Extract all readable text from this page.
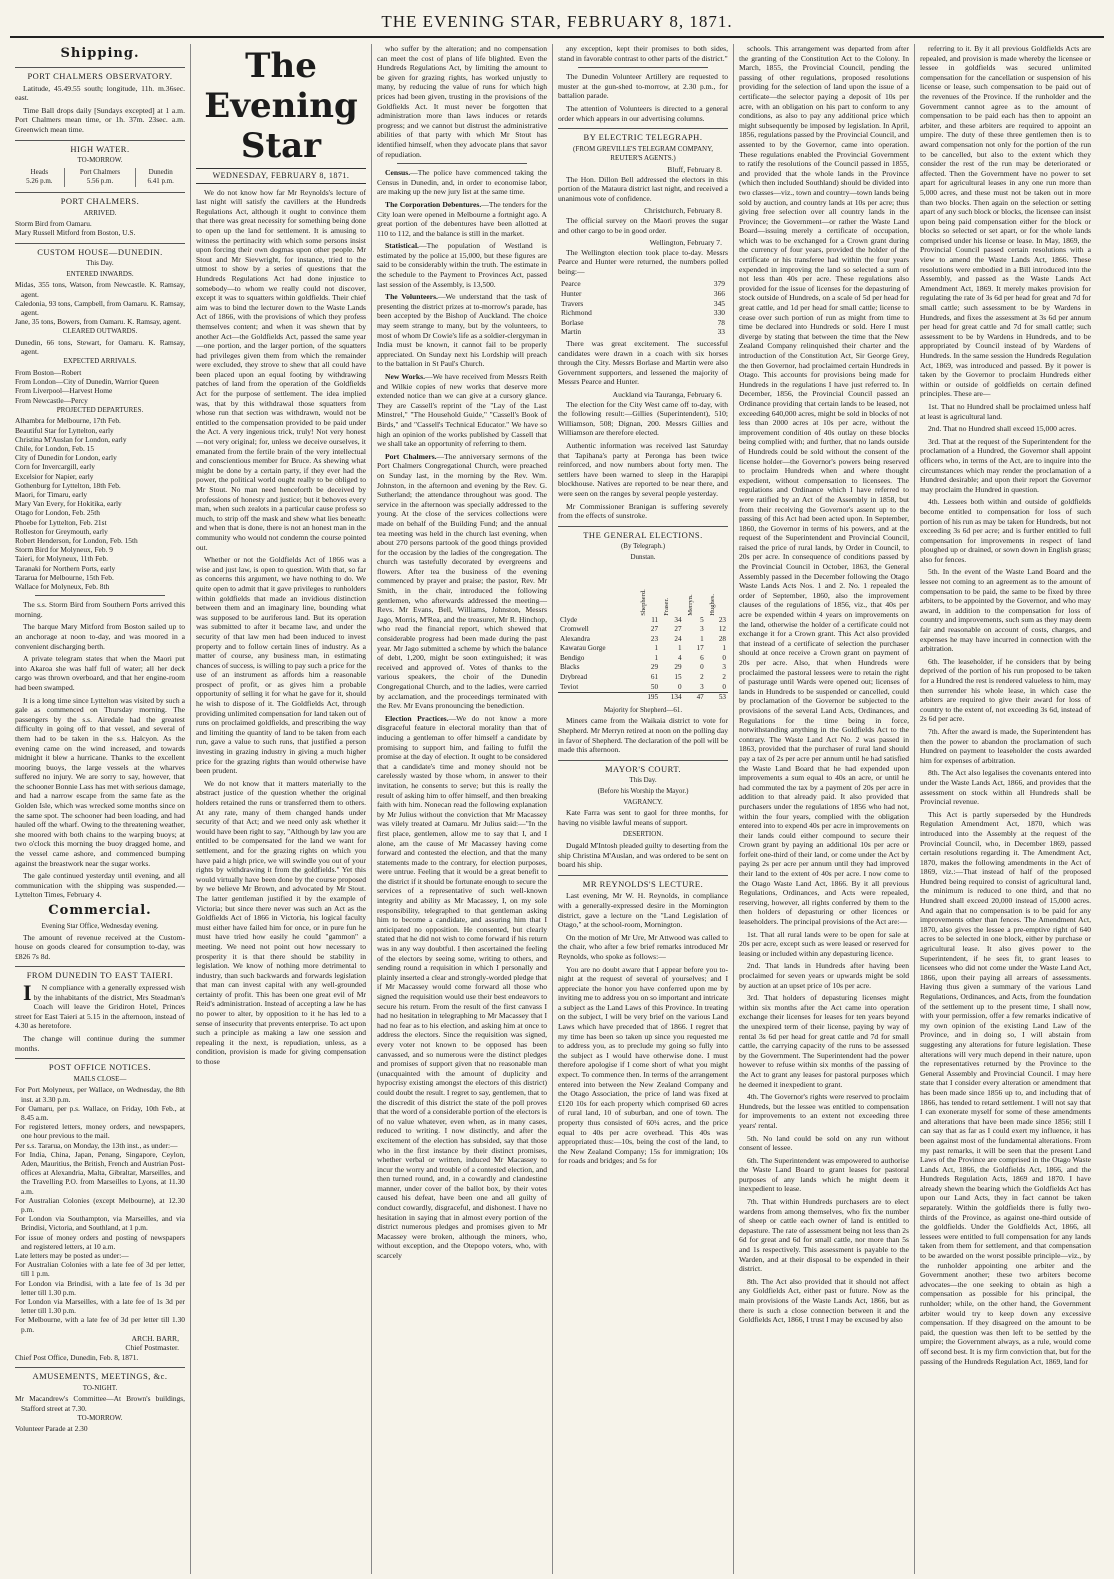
THE EVENING STAR, FEBRUARY 8, 1871.
Shipping.
PORT CHALMERS OBSERVATORY.

Latitude, 45.49.55 south; longitude, 11h. m.36sec. east.

Time Ball drops daily [Sundays excepted] at 1 a.m. Port Chalmers mean time, or 1h. 37m. 23sec. a.m. Greenwich mean time.

HIGH WATER.
TO-MORROW.
Heads	Port Chalmers	Dunedin
5.26 p.m.	5.56 p.m.	6.41 p.m.
PORT CHALMERS.
ARRIVED.
Storm Bird from Oamaru.
Mary Russell Mitford from Boston, U.S.
CUSTOM HOUSE—DUNEDIN.
This Day.
ENTERED INWARDS.
Midas, 355 tons, Watson, from Newcastle. K. Ramsay, agent.
Caledonia, 93 tons, Campbell, from Oamaru. K. Ramsay, agent.
Jane, 35 tons, Bowers, from Oamaru. K. Ramsay, agent.
CLEARED OUTWARDS.
Dunedin, 66 tons, Stewart, for Oamaru. K. Ramsay, agent.
EXPECTED ARRIVALS.
From Boston—Robert
From London—City of Dunedin, Warrior Queen
From Liverpool—Harvest Home
From Newcastle—Percy
PROJECTED DEPARTURES.
Alhambra for Melbourne, 17th Feb.
Beautiful Star for Lyttelton, early
Christina M'Auslan for London, early
Chile, for London, Feb. 15
City of Dunedin for London, early
Corn for Invercargill, early
Excelsior for Napier, early
Gothenburg for Lyttelton, 18th Feb.
Maori, for Timaru, early
Mary Van Every, for Hokitika, early
Otago for London, Feb. 25th
Phoebe for Lyttelton, Feb. 21st
Rolleston for Greymouth, early
Robert Henderson, for London, Feb. 15th
Storm Bird for Molyneux, Feb. 9
Taieri, for Molyneux, 11th Feb.
Taranaki for Northern Ports, early
Tararua for Melbourne, 15th Feb.
Wallace for Molyneux, Feb. 8th

The s.s. Storm Bird from Southern Ports arrived this morning.

The barque Mary Mitford from Boston sailed up to an anchorage at noon to-day, and was moored in a convenient discharging berth.

A private telegram states that when the Maori put into Akaroa she was half full of water; all her deck cargo was thrown overboard, and that her engine-room had been swamped.

It is a long time since Lyttelton was visited by such a gale as commenced on Thursday morning. The passengers by the s.s. Airedale had the greatest difficulty in going off to that vessel, and several of them had to be taken in the s.s. Halcyon. As the evening came on the wind increased, and towards midnight it blew a hurricane. Thanks to the excellent mooring buoys, the large vessels at the wharves suffered no injury. We are sorry to say, however, that the schooner Bonnie Lass has met with serious damage, and had a narrow escape from the same fate as the Golden Isle, which was wrecked some months since on the same spot. The schooner had been loading, and had hauled off the wharf. Owing to the threatening weather, she moored with both chains to the warping buoys; at two o'clock this morning the buoy dragged home, and the vessel came ashore, and commenced bumping against the breastwork near the sugar works.

The gale continued yesterday until evening, and all communication with the shipping was suspended.—Lyttelton Times, February 4.

Commercial.
Evening Star Office, Wednesday evening.

The amount of revenue received at the Custom-house on goods cleared for consumption to-day, was £826 7s 8d.

FROM DUNEDIN TO EAST TAIERI.

I N compliance with a generally expressed wish by the inhabitants of the district, Mrs Steadman's Coach will leave the Gridiron Hotel, Princes street for East Taieri at 5.15 in the afternoon, instead of 4.30 as heretofore.

The change will continue during the summer months.

POST OFFICE NOTICES.
MAILS CLOSE—
For Port Molyneux, per Wallace, on Wednesday, the 8th inst. at 3.30 p.m.
For Oamaru, per p.s. Wallace, on Friday, 10th Feb., at 8.45 a.m.
For registered letters, money orders, and newspapers, one hour previous to the mail.
Per s.s. Tararua, on Monday, the 13th inst., as under:—
For India, China, Japan, Penang, Singapore, Ceylon, Aden, Mauritius, the British, French and Austrian Post-offices at Alexandria, Malta, Gibraltar, Marseilles, and the Travelling P.O. from Marseilles to Lyons, at 11.30 a.m.
For Australian Colonies (except Melbourne), at 12.30 p.m.
For London via Southampton, via Marseilles, and via Brindisi, Victoria, and Southland, at 1 p.m.
For issue of money orders and posting of newspapers and registered letters, at 10 a.m.
Late letters may be posted as under:—
For Australian Colonies with a late fee of 3d per letter, till 1 p.m.
For London via Brindisi, with a late fee of 1s 3d per letter till 1.30 p.m.
For London via Marseilles, with a late fee of 1s 3d per letter till 1.30 p.m.
For Melbourne, with a late fee of 3d per letter till 1.30 p.m.
ARCH. BARR,
Chief Postmaster.
Chief Post Office, Dunedin, Feb. 8, 1871.
AMUSEMENTS, MEETINGS, &c.
TO-NIGHT.
Mr Macandrew's Committee—At Brown's buildings, Stafford street at 7.30.
TO-MORROW.
Volunteer Parade at 2.30
The Evening Star
WEDNESDAY, FEBRUARY 8, 1871.

We do not know how far Mr Reynolds's lecture of last night will satisfy the cavillers at the Hundreds Regulations Act, although it ought to convince them that there was great necessity for something being done to open up the land for settlement. It is amusing to witness the pertinacity with which some persons insist upon forcing their own dogmas upon other people. Mr Stout and Mr Sievwright, for instance, tried to the utmost to show by a series of questions that the Hundreds Regulations Act had done injustice to somebody—to whom we really could not discover, except it was to squatters within goldfields. Their chief aim was to bind the lecturer down to the Waste Lands Act of 1866, with the provisions of which they profess themselves content; and when it was shewn that by another Act—the Goldfields Act, passed the same year—one portion, and the larger portion, of the squatters had privileges given them from which the remainder were excluded, they strove to shew that all could have been placed upon an equal footing by withdrawing patches of land from the operation of the Goldfields Act for the purpose of settlement. The idea implied was, that by this withdrawal those squatters from whose run that section was withdrawn, would not be entitled to the compensation provided to be paid under the Act. A very ingenious trick, truly! Not very honest—not very original; for, unless we deceive ourselves, it emanated from the fertile brain of the very intellectual and conscientious member for Bruce. As shewing what might be done by a certain party, if they ever had the power, the political world ought really to be obliged to Mr Stout. No man need henceforth be deceived by professions of honesty and justice; but it behoves every man, when such zealots in a particular cause profess so much, to strip off the mask and shew what lies beneath: and when that is done, there is not an honest man in the community who would not condemn the course pointed out.

Whether or not the Goldfields Act of 1866 was a wise and just law, is open to question. With that, so far as concerns this argument, we have nothing to do. We quite open to admit that it gave privileges to runholders within goldfields that made an invidious distinction between them and an imaginary line, bounding what was supposed to be auriferous land. But its operation was submitted to after it became law, and under the security of that law men had been induced to invest property and to follow certain lines of industry. As a matter of course, any business man, in estimating chances of success, is willing to pay such a price for the use of an instrument as affords him a reasonable prospect of profit, or as gives him a probable opportunity of selling it for what he gave for it, should he wish to dispose of it. The Goldfields Act, through providing unlimited compensation for land taken out of runs on proclaimed goldfields, and prescribing the way and limiting the quantity of land to be taken from each run, gave a value to such runs, that justified a person investing in grazing industry in giving a much higher price for the grazing rights than would otherwise have been prudent.

We do not know that it matters materially to the abstract justice of the question whether the original holders retained the runs or transferred them to others. At any rate, many of them changed hands under security of that Act; and we need only ask whether it would have been right to say, "Although by law you are entitled to be compensated for the land we want for settlement, and for the grazing rights on which you have paid a high price, we will swindle you out of your rights by withdrawing it from the goldfields." Yet this would virtually have been done by the course proposed by we believe Mr Brown, and advocated by Mr Stout. The latter gentleman justified it by the example of Victoria; but since there never was such an Act as the Goldfields Act of 1866 in Victoria, his logical faculty must either have failed him for once, or in pure fun he must have tried how easily he could "gammon" a meeting. We need not point out how necessary to prosperity it is that there should be stability in legislation. We know of nothing more detrimental to industry, than such backwards and forwards legislation that man can invest capital with any well-grounded certainty of profit. This has been one great evil of Mr Reid's administration. Instead of accepting a law he has no power to alter, by opposition to it he has led to a sense of insecurity that prevents enterprise. To act upon such a principle as making a law one session and repealing it the next, is repudiation, unless, as a condition, provision is made for giving compensation to those

who suffer by the alteration; and no compensation can meet the cost of plans of life blighted. Even the Hundreds Regulations Act, by limiting the amount to be given for grazing rights, has worked unjustly to many, by reducing the value of runs for which high prices had been given, trusting in the provisions of the Goldfields Act. It must never be forgotten that administration more than laws induces or retards progress; and we cannot but distrust the administrative abilities of that party with which Mr Stout has identified himself, when they advocate plans that savor of repudiation.

Census.—The police have commenced taking the Census in Dunedin, and, in order to economise labor, are making up the new jury list at the same time.

The Corporation Debentures.—The tenders for the City loan were opened in Melbourne a fortnight ago. A great portion of the debentures have been allotted at 110 to 112, and the balance is still in the market.

Statistical.—The population of Westland is estimated by the police at 15,000, but these figures are said to be considerably within the truth. The estimate in the schedule to the Payment to Provinces Act, passed last session of the Assembly, is 13,500.

The Volunteers.—We understand that the task of presenting the district prizes at to-morrow's parade, has been accepted by the Bishop of Auckland. The choice may seem strange to many, but by the volunteers, to most of whom Dr Cowie's life as a soldier-clergyman in India must be known, it cannot fail to be properly appreciated. On Sunday next his Lordship will preach to the battalion in St Paul's Church.

New Works.—We have received from Messrs Reith and Wilkie copies of new works that deserve more extended notice than we can give at a cursory glance. They are Cassell's reprint of the "Lay of the Last Minstrel," "The Household Guide," "Cassell's Book of Birds," and "Cassell's Technical Educator." We have so high an opinion of the works published by Cassell that we shall take an opportunity of referring to them.

Port Chalmers.—The anniversary sermons of the Port Chalmers Congregational Church, were preached on Sunday last, in the morning by the Rev. Wm. Johnston, in the afternoon and evening by the Rev. G. Sutherland; the attendance throughout was good. The service in the afternoon was specially addressed to the young. At the close of the services collections were made on behalf of the Building Fund; and the annual tea meeting was held in the church last evening, when about 270 persons partook of the good things provided for the occasion by the ladies of the congregation. The church was tastefully decorated by evergreens and flowers. After tea the business of the evening commenced by prayer and praise; the pastor, Rev. Mr Smith, in the chair, introduced the following gentlemen, who afterwards addressed the meeting—Revs. Mr Evans, Bell, Williams, Johnston, Messrs Jago, Morris, M'Rea, and the treasurer, Mr R. Hinchop, who read the financial report, which shewed that considerable progress had been made during the past year. Mr Jago submitted a scheme by which the balance of debt, 1,200, might be soon extinguished; it was received and approved of. Votes of thanks to the various speakers, the choir of the Dunedin Congregational Church, and to the ladies, were carried by acclamation, and the proceedings terminated with the Rev. Mr Evans pronouncing the benediction.

Election Practices.—We do not know a more disgraceful feature in electoral morality than that of inducing a gentleman to offer himself a candidate by promising to support him, and failing to fulfil the promise at the day of election. It ought to be considered that a candidate's time and money should not be carelessly wasted by those whom, in answer to their invitation, he consents to serve; but this is really the result of asking him to offer himself, and then breaking faith with him. Nonecan read the following explanation by Mr Julius without the conviction that Mr Macassey was vilely treated at Oamaru. Mr Julius said:—"In the first place, gentlemen, allow me to say that I, and I alone, am the cause of Mr Macassey having come forward and contested the election, and that the many statements made to the contrary, for election purposes, were untrue. Feeling that it would be a great benefit to the district if it should be fortunate enough to secure the services of a representative of such well-known integrity and ability as Mr Macassey, I, on my sole responsibility, telegraphed to that gentleman asking him to become a candidate, and assuring him that I anticipated no opposition. He consented, but clearly stated that he did not wish to come forward if his return was in any way doubtful. I then ascertained the feeling of the electors by seeing some, writing to others, and sending round a requisition in which I personally and plainly inserted a clear and strongly-worded pledge that if Mr Macassey would come forward all those who signed the requisition would use their best endeavors to secure his return. From the result of the first canvass I had no hesitation in telegraphing to Mr Macassey that I had no fear as to his election, and asking him at once to address the electors. Since the requisition was signed, every voter not known to be opposed has been canvassed, and so numerous were the distinct pledges and promises of support given that no reasonable man (unacquainted with the amount of duplicity and hypocrisy existing amongst the electors of this district) could doubt the result. I regret to say, gentlemen, that to the discredit of this district the state of the poll proves that the word of a considerable portion of the electors is of no value whatever, even when, as in many cases, reduced to writing. I now distinctly, and after the excitement of the election has subsided, say that those who in the first instance by their distinct promises, whether verbal or written, induced Mr Macassey to incur the worry and trouble of a contested election, and then turned round, and, in a cowardly and clandestine manner, under cover of the ballot box, by their votes caused his defeat, have been one and all guilty of conduct cowardly, disgraceful, and dishonest. I have no hesitation in saying that in almost every portion of the district numerous pledges and promises given to Mr Macassey were broken, although the miners, who, without exception, and the Otepopo voters, who, with scarcely

any exception, kept their promises to both sides, stand in favorable contrast to other parts of the district."

The Dunedin Volunteer Artillery are requested to muster at the gun-shed to-morrow, at 2.30 p.m., for battalion parade.

The attention of Volunteers is directed to a general order which appears in our advertising columns.

BY ELECTRIC TELEGRAPH.
(FROM GREVILLE'S TELEGRAM COMPANY, REUTER'S AGENTS.)
Bluff, February 8.

The Hon. Dillon Bell addressed the electors in this portion of the Mataura district last night, and received a unanimous vote of confidence.

Christchurch, February 8.

The official survey on the Maori proves the sugar and other cargo to be in good order.

Wellington, February 7.

The Wellington election took place to-day. Messrs Pearce and Hunter were returned, the numbers polled being:—

Pearce	379
Hunter	366
Travers	345
Richmond	330
Borlase	78
Martin	33

There was great excitement. The successful candidates were drawn in a coach with six horses through the City. Messrs Borlase and Martin were also Government supporters, and lessened the majority of Messrs Pearce and Hunter.

Auckland via Tauranga, February 6.

The election for the City West came off to-day, with the following result:—Gillies (Superintendent), 510; Williamson, 508; Dignan, 200. Messrs Gillies and Williamson are therefore elected.

Authentic information was received last Saturday that Tapihana's party at Peronga has been twice reinforced, and now numbers about forty men. The settlers have been warned to sleep in the Harapipi blockhouse. Natives are reported to be near there, and were seen on the ranges by several people yesterday.

Mr Commissioner Branigan is suffering severely from the effects of sunstroke.

THE GENERAL ELECTIONS.
(By Telegraph.)
Dunstan.
	Shepherd.	Fraser.	Merryn.	Hughes.
Clyde	11	34	5	23
Cromwell	27	27	3	12
Alexandra	23	24	1	28
Kawarau Gorge	1	1	17	1
Bendigo	1	4	6	0
Blacks	29	29	0	3
Drybread	61	15	2	2
Teviot	50	0	3	0
	195	134	47	53
Majority for Shepherd—61.

Miners came from the Waikaia district to vote for Shepherd. Mr Merryn retired at noon on the polling day in favor of Shepherd. The declaration of the poll will be made this afternoon.

MAYOR'S COURT.
This Day.
(Before his Worship the Mayor.)
VAGRANCY.

Kate Farra was sent to gaol for three months, for having no visible lawful means of support.

DESERTION.

Dugald M'Intosh pleaded guilty to deserting from the ship Christina M'Auslan, and was ordered to be sent on board his ship.

MR REYNOLDS'S LECTURE.

Last evening, Mr W. H. Reynolds, in compliance with a generally-expressed desire in the Mornington district, gave a lecture on the "Land Legislation of Otago," at the school-room, Mornington.

On the motion of Mr Ure, Mr Attwood was called to the chair, who after a few brief remarks introduced Mr Reynolds, who spoke as follows:—

You are no doubt aware that I appear before you to-night at the request of several of yourselves; and I appreciate the honor you have conferred upon me by inviting me to address you on so important and intricate a subject as the Land Laws of this Province. In treating on the subject, I will be very brief on the various Land Laws which have preceded that of 1866. I regret that my time has been so taken up since you requested me to address you, as to preclude my going so fully into the subject as I would have otherwise done. I must therefore apologise if I come short of what you might expect. To commence then. In terms of the arrangement entered into between the New Zealand Company and the Otago Association, the price of land was fixed at £120 10s for each property which comprised 60 acres of rural land, 10 of suburban, and one of town. The property thus consisted of 60¼ acres, and the price equal to 40s per acre overhead. This 40s was appropriated thus:—10s, being the cost of the land, to the New Zealand Company; 15s for immigration; 10s for roads and bridges; and 5s for

schools. This arrangement was departed from after the granting of the Constitution Act to the Colony. In March, 1855, the Provincial Council, pending the passing of other regulations, proposed resolutions providing for the selection of land upon the issue of a certificate—the selector paying a deposit of 10s per acre, with an obligation on his part to conform to any conditions, as also to pay any additional price which might subsequently be imposed by legislation. In April, 1856, regulations passed by the Provincial Council, and assented to by the Governor, came into operation. These regulations enabled the Provincial Government to ratify the resolutions of the Council passed in 1855, and provided that the whole lands in the Province (which then included Southland) should be divided into two classes—viz., town and country—town lands being sold by auction, and country lands at 10s per acre; thus giving free selection over all country lands in the Province; the Government—or rather the Waste Land Board—issuing merely a certificate of occupation, which was to be exchanged for a Crown grant during the currency of four years, provided the holder of the certificate or his transferee had within the four years expended in improving the land so selected a sum of not less than 40s per acre. These regulations also provided for the issue of licenses for the depasturing of stock outside of Hundreds, on a scale of 5d per head for great cattle, and 1d per head for small cattle; license to cease over such portion of run as might from time to time be declared into Hundreds or sold. Here I must diverge by stating that between the time that the New Zealand Company relinquished their charter and the introduction of the Constitution Act, Sir George Grey, the then Governor, had proclaimed certain Hundreds in Otago. This accounts for provisions being made for Hundreds in the regulations I have just referred to. In December, 1856, the Provincial Council passed an Ordinance providing that certain lands to be leased, not exceeding 640,000 acres, might be sold in blocks of not less than 2000 acres at 10s per acre, without the improvement condition of 40s outlay on these blocks being complied with; and further, that no lands outside of Hundreds could be sold without the consent of the license holder—the Governor's powers being reserved to proclaim Hundreds when and where thought expedient, without compensation to licensees. The regulations and Ordinance which I have referred to were ratified by an Act of the Assembly in 1858, but from their receiving the Governor's assent up to the passing of this Act had been acted upon. In September, 1860, the Governor in terms of his powers, and at the request of the Superintendent and Provincial Council, raised the price of rural lands, by Order in Council, to 20s per acre. In consequence of conditions passed by the Provincial Council in October, 1863, the General Assembly passed in the December following the Otago Waste Lands Acts Nos. 1 and 2. No. 1 repealed the order of September, 1860, also the improvement clauses of the regulations of 1856, viz., that 40s per acre be expended within 4 years on improvements on the land, otherwise the holder of a certificate could not exchange it for a Crown grant. This Act also provided that instead of a certificate of selection the purchaser should at once receive a Crown grant on payment of 20s per acre. Also, that when Hundreds were proclaimed the pastoral lessees were to retain the right of pasturage until Wards were opened out; licenses of lands in Hundreds to be suspended or cancelled, could by proclamation of the Governor be subjected to the provisions of the several Land Acts, Ordinances, and Regulations for the time being in force, notwithstanding anything in the Goldfields Act to the contrary. The Waste Land Act No. 2 was passed in 1863, provided that the purchaser of rural land should pay a tax of 2s per acre per annum until he had satisfied the Waste Land Board that he had expended upon improvements a sum equal to 40s an acre, or until he had commuted the tax by a payment of 20s per acre in addition to that already paid. It also provided that purchasers under the regulations of 1856 who had not, within the four years, complied with the obligation entered into to expend 40s per acre in improvements on their lands could either compound to secure their Crown grant by paying an additional 10s per acre or forfeit one-third of their land, or come under the Act by paying 2s per acre per annum until they had improved their land to the extent of 40s per acre. I now come to the Otago Waste Land Act, 1866. By it all previous Regulations, Ordinances, and Acts were repealed, reserving, however, all rights conferred by them to the then holders of depasturing or other licences or leaseholders. The principal provisions of the Act are:—

1st. That all rural lands were to be open for sale at 20s per acre, except such as were leased or reserved for leasing or included within any depasturing licence.

2nd. That lands in Hundreds after having been proclaimed for seven years or upwards might be sold by auction at an upset price of 10s per acre.

3rd. That holders of depasturing licenses might within six months after the Act came into operation exchange their licenses for leases for ten years beyond the unexpired term of their license, paying by way of rental 3s 6d per head for great cattle and 7d for small cattle, the carrying capacity of the runs to be assessed by the Government. The Superintendent had the power however to refuse within six months of the passing of the Act to grant any leases for pastoral purposes which he deemed it inexpedient to grant.

4th. The Governor's rights were reserved to proclaim Hundreds, but the lessee was entitled to compensation for improvements to an extent not exceeding three years' rental.

5th. No land could be sold on any run without consent of lessee.

6th. The Superintendent was empowered to authorise the Waste Land Board to grant leases for pastoral purposes of any lands which he might deem it inexpedient to lease.

7th. That within Hundreds purchasers are to elect wardens from among themselves, who fix the number of sheep or cattle each owner of land is entitled to depasture. The rate of assessment being not less than 2s 6d for great and 6d for small cattle, nor more than 5s and 1s respectively. This assessment is payable to the Warden, and at their disposal to be expended in their district.

8th. The Act also provided that it should not affect any Goldfields Act, either past or future. Now as the main provisions of the Waste Lands Act, 1866, but as there is such a close connection between it and the Goldfields Act, 1866, I trust I may be excused by also

referring to it. By it all previous Goldfields Acts are repealed, and provision is made whereby the licensee or lessee in goldfields was secured unlimited compensation for the cancellation or suspension of his license or lease, such compensation to be paid out of the revenues of the Province. If the runholder and the Government cannot agree as to the amount of compensation to be paid each has then to appoint an arbiter, and these arbiters are required to appoint an umpire. The duty of these three gentlemen then is to award compensation not only for the portion of the run to be cancelled, but also to the extent which they consider the rest of the run may be deteriorated or affected. Then the Government have no power to set apart for agricultural leases in any one run more than 5,000 acres, and these must not be taken out in more than two blocks. Then again on the selection or setting apart of any such block or blocks, the licensee can insist upon being paid compensation either for the block or blocks so selected or set apart, or for the whole lands comprised under his license or lease. In May, 1869, the Provincial Council passed certain resolutions with a view to amend the Waste Lands Act, 1866. These resolutions were embodied in a Bill introduced into the Assembly, and passed as the Waste Lands Act Amendment Act, 1869. It merely makes provision for regulating the rate of 3s 6d per head for great and 7d for small cattle; such assessment to be by Wardens in Hundreds, and fixes the assessment at 3s 6d per annum per head for great cattle and 7d for small cattle; such assessment to be by Wardens in Hundreds, and to be appropriated by Council instead of by Wardens of Hundreds. In the same session the Hundreds Regulation Act, 1869, was introduced and passed. By it power is taken by the Governor to proclaim Hundreds either within or outside of goldfields on certain defined principles. These are—

1st. That no Hundred shall be proclaimed unless half at least is agricultural land.

2nd. That no Hundred shall exceed 15,000 acres.

3rd. That at the request of the Superintendent for the proclamation of a Hundred, the Governor shall appoint officers who, in terms of the Act, are to inquire into the circumstances which may render the proclamation of a Hundred desirable; and upon their report the Governor may proclaim the Hundred in question.

4th. Lessees both within and outside of goldfields become entitled to compensation for loss of such portion of his run as may be taken for Hundreds, but not exceeding 3s 6d per acre; and is further entitled to full compensation for improvements in respect of land ploughed up or drained, or sown down in English grass; also for fences.

5th. In the event of the Waste Land Board and the lessee not coming to an agreement as to the amount of compensation to be paid, the same to be fixed by three arbiters, to be appointed by the Governor, and who may award, in addition to the compensation for loss of country and improvements, such sum as they may deem fair and reasonable on account of costs, charges, and expenses he may have incurred in connection with the arbitration.

6th. The leaseholder, if he considers that by being deprived of the portion of his run proposed to be taken for a Hundred the rest is rendered valueless to him, may then surrender his whole lease, in which case the arbiters are required to give their award for loss of country to the extent of, not exceeding 3s 6d, instead of 2s 6d per acre.

7th. After the award is made, the Superintendent has then the power to abandon the proclamation of such Hundred on payment to leaseholder the costs awarded him for expenses of arbitration.

8th. The Act also legalises the covenants entered into under the Waste Lands Act, 1866, and provides that the assessment on stock within all Hundreds shall be Provincial revenue.

This Act is partly superseded by the Hundreds Regulation Amendment Act, 1870, which was introduced into the Assembly at the request of the Provincial Council, who, in December 1869, passed certain resolutions regarding it. The Amendment Act, 1870, makes the following amendments in the Act of 1869, viz.:—That instead of half of the proposed Hundred being required to consist of agricultural land, the minimum is reduced to one third, and that no Hundred shall exceed 20,000 instead of 15,000 acres. And again that no compensation is to be paid for any improvements other than fences. The Amendment Act, 1870, also gives the lessee a pre-emptive right of 640 acres to be selected in one block, either by purchase or agricultural lease. It also gives power to the Superintendent, if he sees fit, to grant leases to licensees who did not come under the Waste Land Act, 1866, upon their paying all arrears of assessments. Having thus given a summary of the various Land Regulations, Ordinances, and Acts, from the foundation of the settlement up to the present time, I shall now, with your permission, offer a few remarks indicative of my own opinion of the existing Land Law of the Province, and in doing so, I will abstain from suggesting any alterations for future legislation. These alterations will very much depend in their nature, upon the representatives returned by the Province to the General Assembly and Provincial Council. I may here state that I consider every alteration or amendment that has been made since 1856 up to, and including that of 1866, has tended to retard settlement. I will not say that I can exonerate myself for some of these amendments and alterations that have been made since 1856; still I can say that as far as I could exert my influence, it has been against most of the fundamental alterations. From my past remarks, it will be seen that the present Land Laws of the Province are comprised in the Otago Waste Lands Act, 1866, the Goldfields Act, 1866, and the Hundreds Regulation Acts, 1869 and 1870. I have already shewn the bearing which the Goldfields Act has upon our Land Acts, they in fact cannot be taken separately. Within the goldfields there is fully two-thirds of the Province, as against one-third outside of the goldfields. Under the Goldfields Act, 1866, all lessees were entitled to full compensation for any lands taken from them for settlement, and that compensation to be awarded on the worst possible principle—viz., by the runholder appointing one arbiter and the Government another; these two arbiters become advocates—the one seeking to obtain as high a compensation as possible for his principal, the runholder; while, on the other hand, the Government arbiter would try to keep down any excessive compensation. If they disagreed on the amount to be paid, the question was then left to be settled by the umpire; the Government always, as a rule, would come off second best. It is my firm conviction that, but for the passing of the Hundreds Regulation Act, 1869, land for
